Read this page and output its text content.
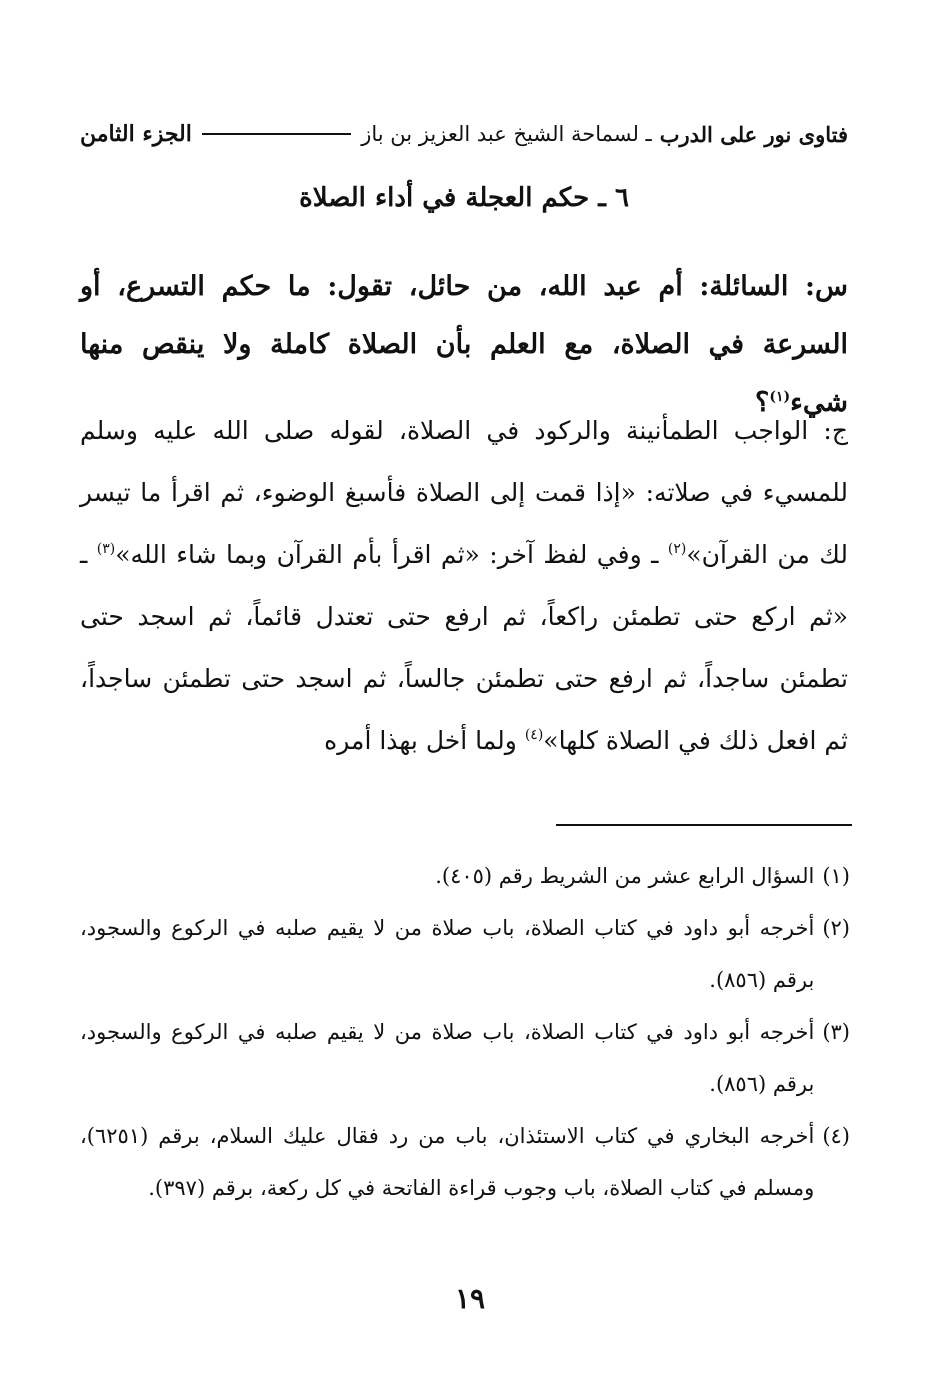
فتاوى نور على الدرب
ـ لسماحة الشيخ عبد العزيز بن باز
الجزء الثامن
٦ ـ حكم العجلة في أداء الصلاة

س: السائلة: أم عبد الله، من حائل، تقول: ما حكم التسرع، أو السرعة في الصلاة، مع العلم بأن الصلاة كاملة ولا ينقص منها شيء$^{(١)}$؟

ج: الواجب الطمأنينة والركود في الصلاة، لقوله صلى الله عليه وسلم للمسيء في صلاته: «إذا قمت إلى الصلاة فأسبغ الوضوء، ثم اقرأ ما تيسر لك من القرآن»$^{(٢)}$ ـ وفي لفظ آخر: «ثم اقرأ بأم القرآن وبما شاء الله»$^{(٣)}$ ـ «ثم اركع حتى تطمئن راكعاً، ثم ارفع حتى تعتدل قائماً، ثم اسجد حتى تطمئن ساجداً، ثم ارفع حتى تطمئن جالساً، ثم اسجد حتى تطمئن ساجداً، ثم افعل ذلك في الصلاة كلها»$^{(٤)}$ ولما أخل بهذا أمره

(١)
السؤال الرابع عشر من الشريط رقم (٤٠٥).
(٢)
أخرجه أبو داود في كتاب الصلاة، باب صلاة من لا يقيم صلبه في الركوع والسجود، برقم (٨٥٦).
(٣)
أخرجه أبو داود في كتاب الصلاة، باب صلاة من لا يقيم صلبه في الركوع والسجود، برقم (٨٥٦).
(٤)
أخرجه البخاري في كتاب الاستئذان، باب من رد فقال عليك السلام، برقم (٦٢٥١)، ومسلم في كتاب الصلاة، باب وجوب قراءة الفاتحة في كل ركعة، برقم (٣٩٧).
١٩
